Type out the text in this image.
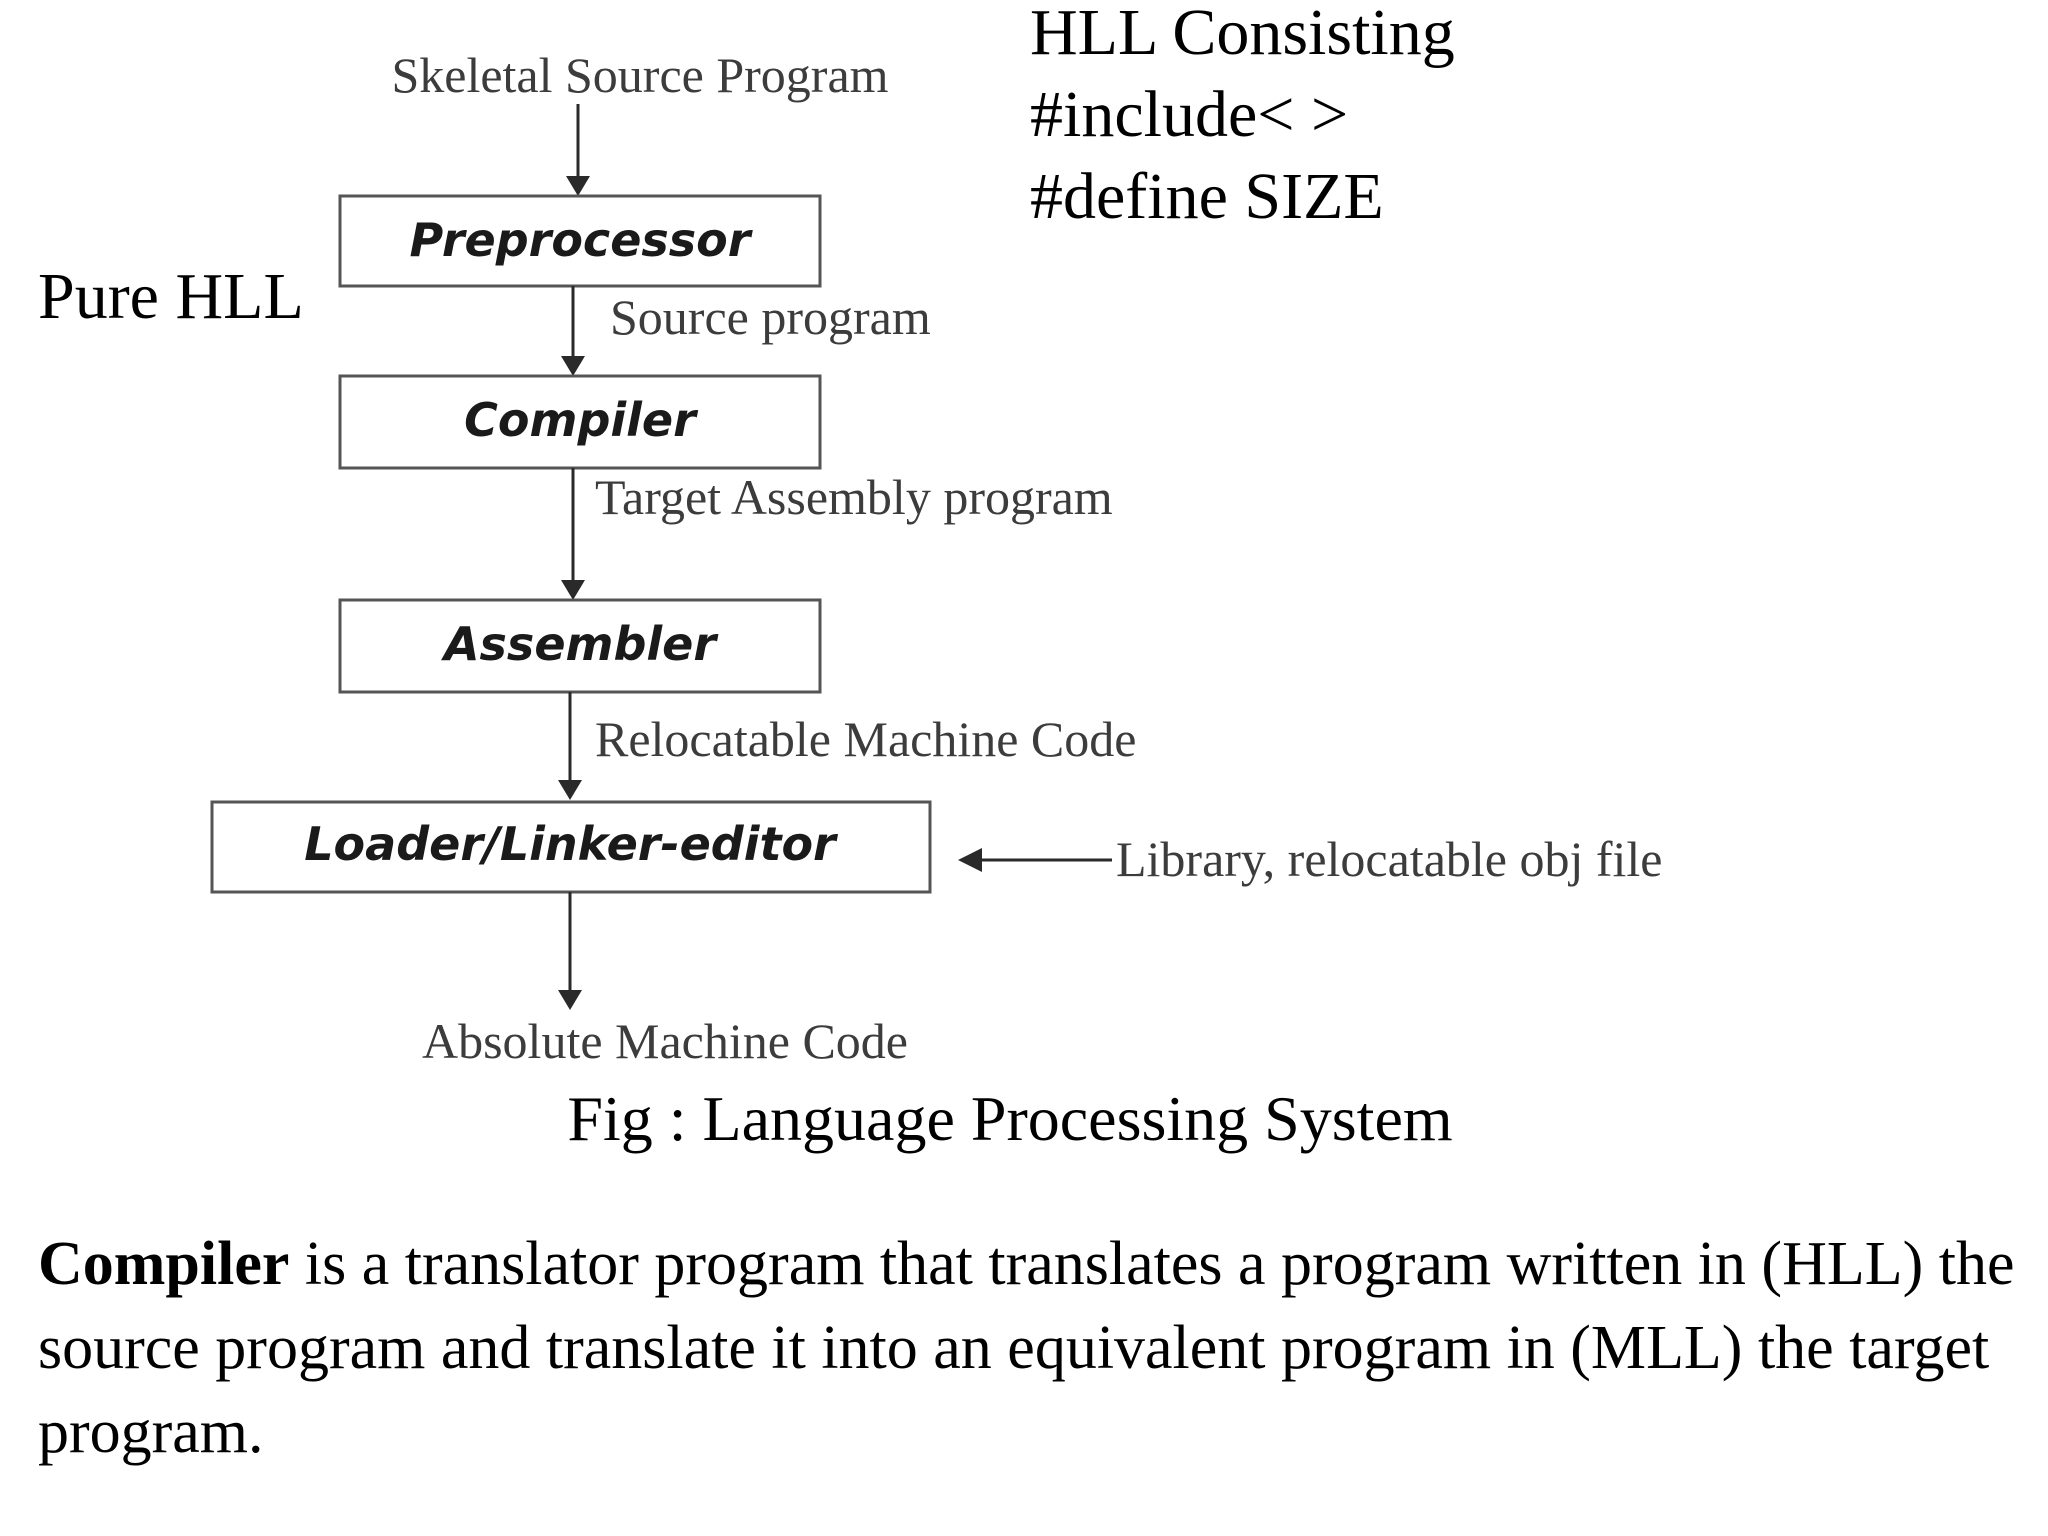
Skeletal Source Program
Preprocessor
Source program
Compiler
Target Assembly program
Assembler
Relocatable Machine Code
Loader/Linker-editor	Library, relocatable obj file
Absolute Machine Code
Fig : Language Processing System
HLL Consisting
#include< >
#define SIZE
Pure HLL

Compiler is a translator program that translates a program written in (HLL) the source program and translate it into an equivalent program in (MLL) the target program.
